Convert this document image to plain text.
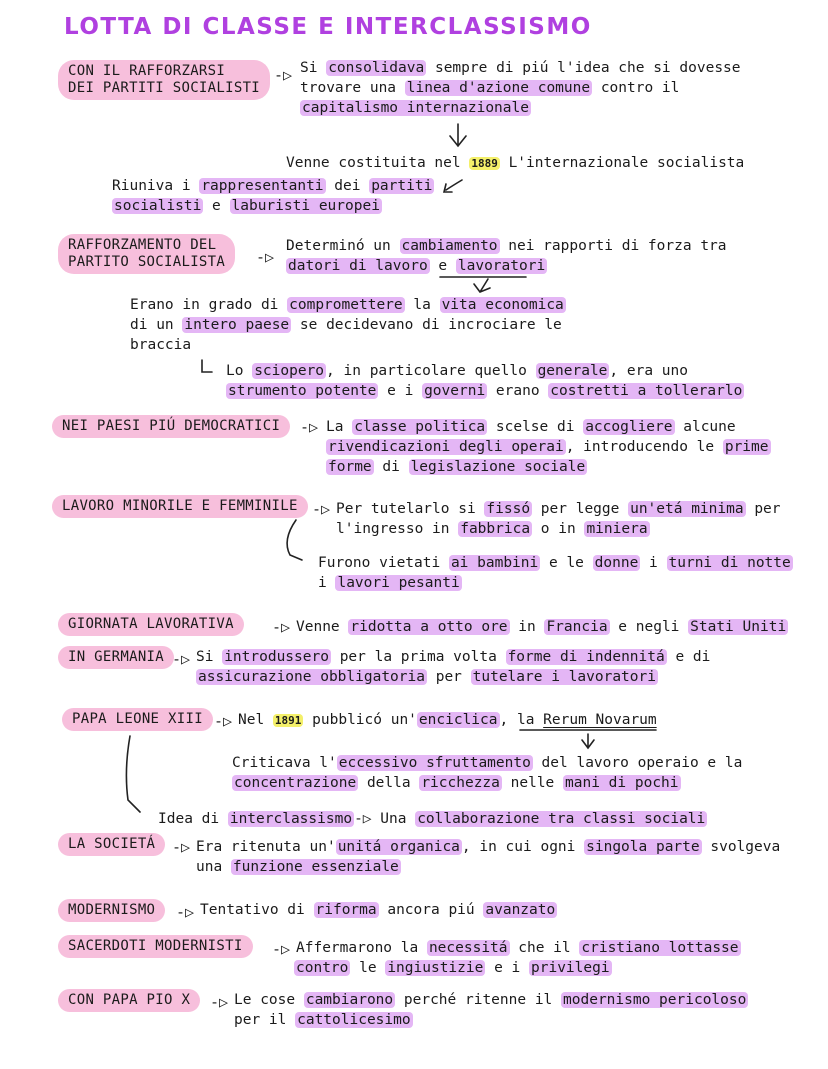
LOTTA DI CLASSE E INTERCLASSISMO
CON IL RAFFORZARSI
DEI PARTITI SOCIALISTI
-▷ Si consolidava sempre di piú l'idea che si dovesse
trovare una linea d'azione comune contro il
capitalismo internazionale
Venne costituita nel 1889 L'internazionale socialista
Riuniva i rappresentanti dei partiti
socialisti e laburisti europei
RAFFORZAMENTO DEL
PARTITO SOCIALISTA -▷
Determinó un cambiamento nei rapporti di forza tra
datori di lavoro e lavoratori
Erano in grado di compromettere la vita economica
di un intero paese se decidevano di incrociare le
braccia
Lo sciopero , in particolare quello generale , era uno
strumento potente e i governi erano costretti a tollerarlo
NEI PAESI PIÚ DEMOCRATICI	-▷ La classe politica scelse di accogliere alcune
rivendicazioni degli operai , introducendo le prime
forme di legislazione sociale
LAVORO MINORILE E FEMMINILE -▷ Per tutelarlo si fissó per legge un'etá minima per
l'ingresso in fabbrica o in miniera
Furono vietati ai bambini e le donne i turni di notte
i lavori pesanti
GIORNATA LAVORATIVA	-▷ Venne ridotta a otto ore in Francia e negli Stati Uniti
IN GERMANIA -▷ Si introdussero per la prima volta forme di indennitá e di
assicurazione obbligatoria per tutelare i lavoratori
PAPA LEONE XIII -▷ Nel 1891 pubblicó un' enciclica , la Rerum Novarum
Criticava l' eccessivo sfruttamento del lavoro operaio e la
concentrazione della ricchezza nelle mani di pochi
Idea di interclassismo -▷ Una collaborazione tra classi sociali
LA SOCIETÁ	-▷ Era ritenuta un' unitá organica , in cui ogni singola parte svolgeva
una funzione essenziale
MODERNISMO	-▷ Tentativo di riforma ancora piú avanzato
SACERDOTI MODERNISTI	-▷ Affermarono la necessitá che il cristiano lottasse
contro le ingiustizie e i privilegi
CON PAPA PIO X	-▷ Le cose cambiarono perché ritenne il modernismo pericoloso
per il cattolicesimo
